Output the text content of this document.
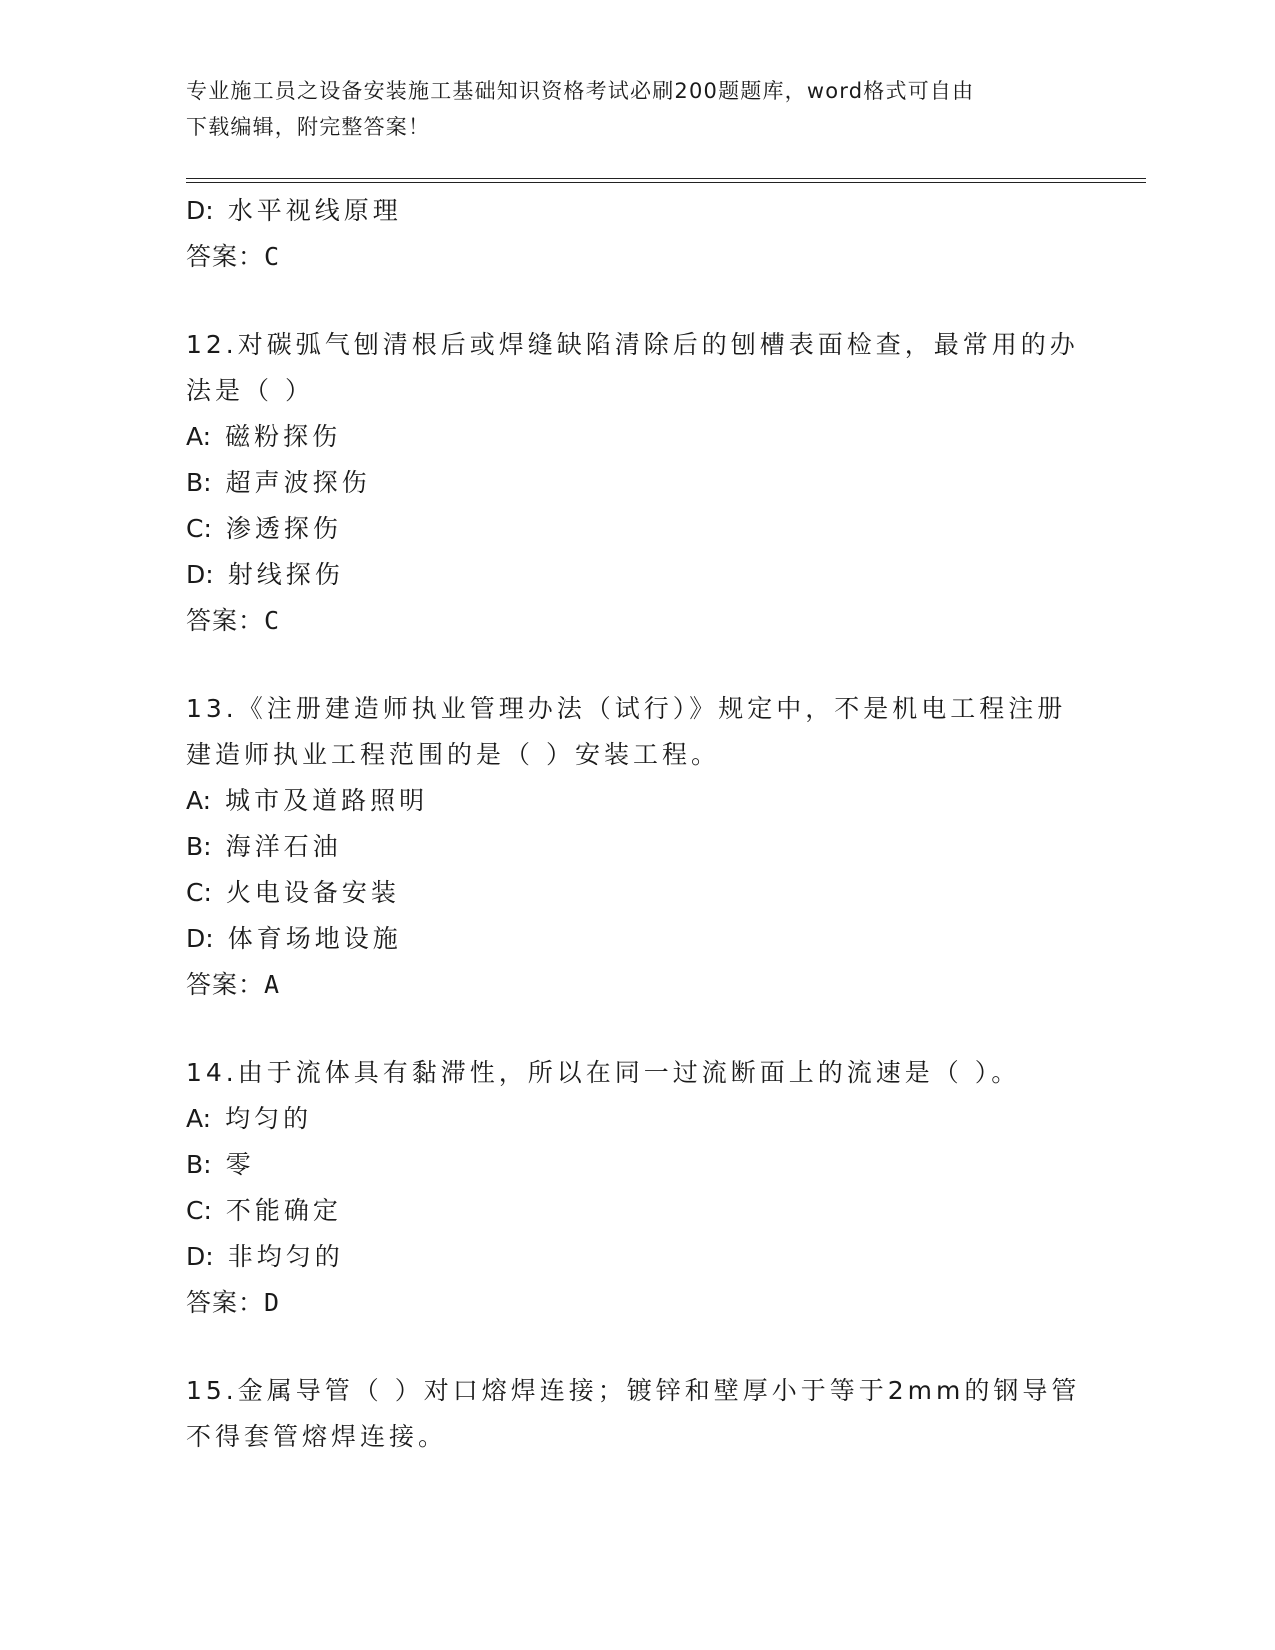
专业施工员之设备安装施工基础知识资格考试必刷200题题库，word格式可自由
下载编辑，附完整答案！
D: 水平视线原理
答案：C
12.对碳弧气刨清根后或焊缝缺陷清除后的刨槽表面检查，最常用的办
法是（ ）
A: 磁粉探伤
B: 超声波探伤
C: 渗透探伤
D: 射线探伤
答案：C
13.《注册建造师执业管理办法（试行）》规定中，不是机电工程注册
建造师执业工程范围的是（ ）安装工程。
A: 城市及道路照明
B: 海洋石油
C: 火电设备安装
D: 体育场地设施
答案：A
14.由于流体具有黏滞性，所以在同一过流断面上的流速是（ ）。
A: 均匀的
B: 零
C: 不能确定
D: 非均匀的
答案：D
15.金属导管（ ）对口熔焊连接；镀锌和壁厚小于等于2mm的钢导管
不得套管熔焊连接。
